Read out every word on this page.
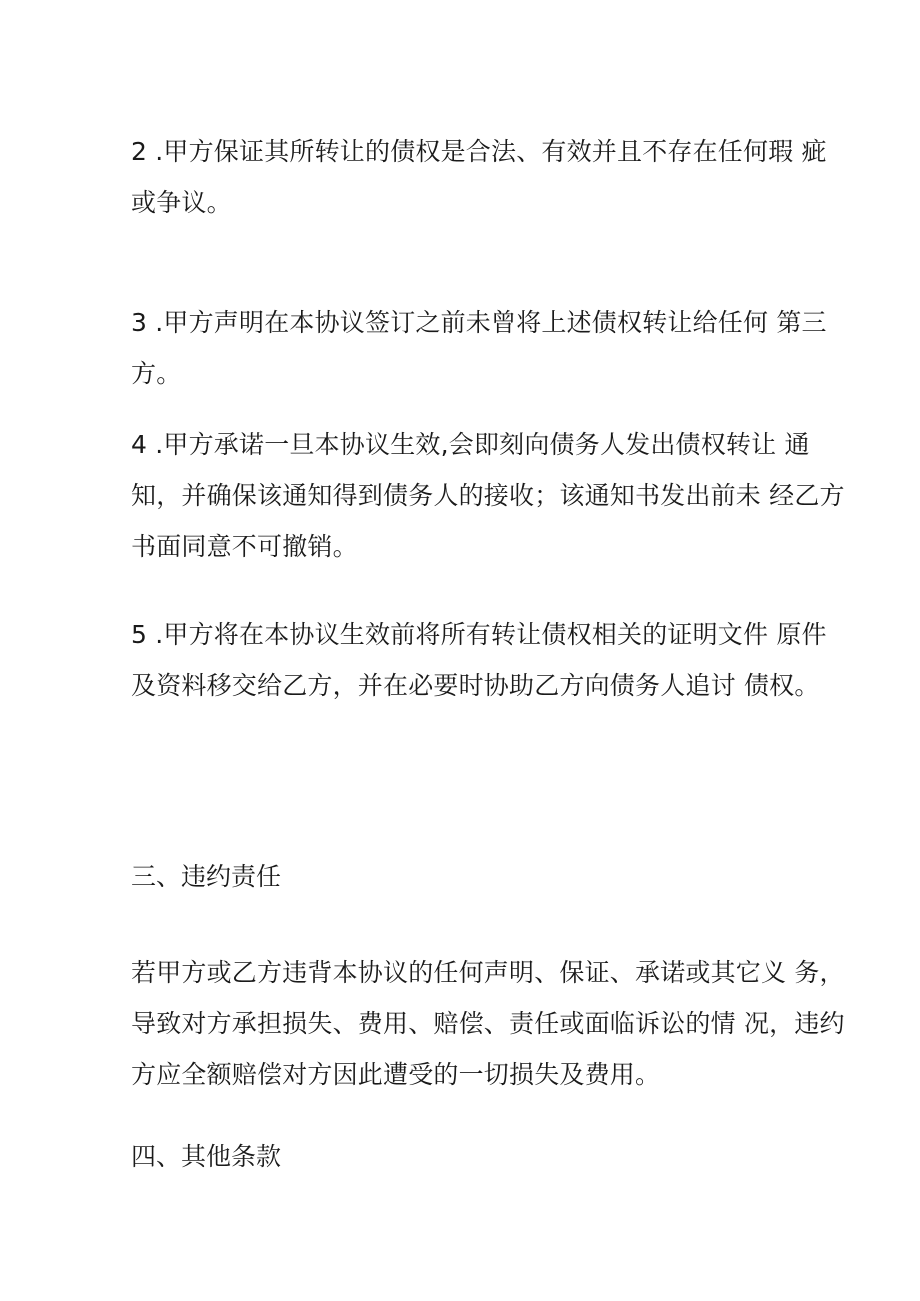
2 .甲方保证其所转让的债权是合法、有效并且不存在任何瑕 疵
或争议。
3 .甲方声明在本协议签订之前未曾将上述债权转让给任何 第三
方。
4 .甲方承诺一旦本协议生效,会即刻向债务人发出债权转让 通
知，并确保该通知得到债务人的接收；该通知书发出前未 经乙方
书面同意不可撤销。
5 .甲方将在本协议生效前将所有转让债权相关的证明文件 原件
及资料移交给乙方，并在必要时协助乙方向债务人追讨 债权。
三、违约责任
若甲方或乙方违背本协议的任何声明、保证、承诺或其它义 务，
导致对方承担损失、费用、赔偿、责任或面临诉讼的情 况，违约
方应全额赔偿对方因此遭受的一切损失及费用。
四、其他条款
